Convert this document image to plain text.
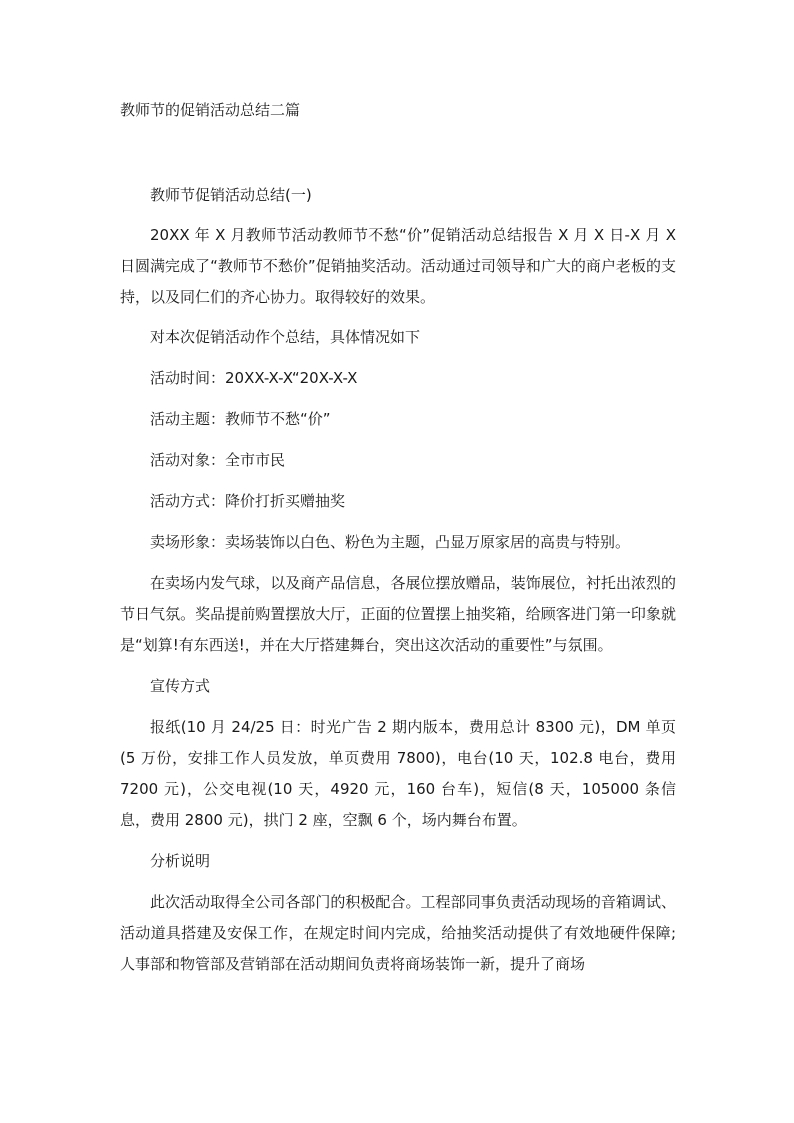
教师节的促销活动总结二篇

教师节促销活动总结(一)

20XX 年 X 月教师节活动教师节不愁“价”促销活动总结报告 X 月 X 日-X 月 X 日圆满完成了“教师节不愁价”促销抽奖活动。活动通过司领导和广大的商户老板的支持，以及同仁们的齐心协力。取得较好的效果。

对本次促销活动作个总结，具体情况如下

活动时间：20XX-X-X“20X-X-X

活动主题：教师节不愁“价”

活动对象：全市市民

活动方式：降价打折买赠抽奖

卖场形象：卖场装饰以白色、粉色为主题，凸显万原家居的高贵与特别。

在卖场内发气球，以及商产品信息，各展位摆放赠品，装饰展位，衬托出浓烈的节日气氛。奖品提前购置摆放大厅，正面的位置摆上抽奖箱，给顾客进门第一印象就是“划算!有东西送!，并在大厅搭建舞台，突出这次活动的重要性”与氛围。

宣传方式

报纸(10 月 24/25 日：时光广告 2 期内版本，费用总计 8300 元)，DM 单页(5 万份，安排工作人员发放，单页费用 7800)，电台(10 天，102.8 电台，费用 7200 元)，公交电视(10 天，4920 元，160 台车)，短信(8 天，105000 条信息，费用 2800 元)，拱门 2 座，空飘 6 个，场内舞台布置。

分析说明

此次活动取得全公司各部门的积极配合。工程部同事负责活动现场的音箱调试、活动道具搭建及安保工作，在规定时间内完成，给抽奖活动提供了有效地硬件保障;人事部和物管部及营销部在活动期间负责将商场装饰一新，提升了商场
